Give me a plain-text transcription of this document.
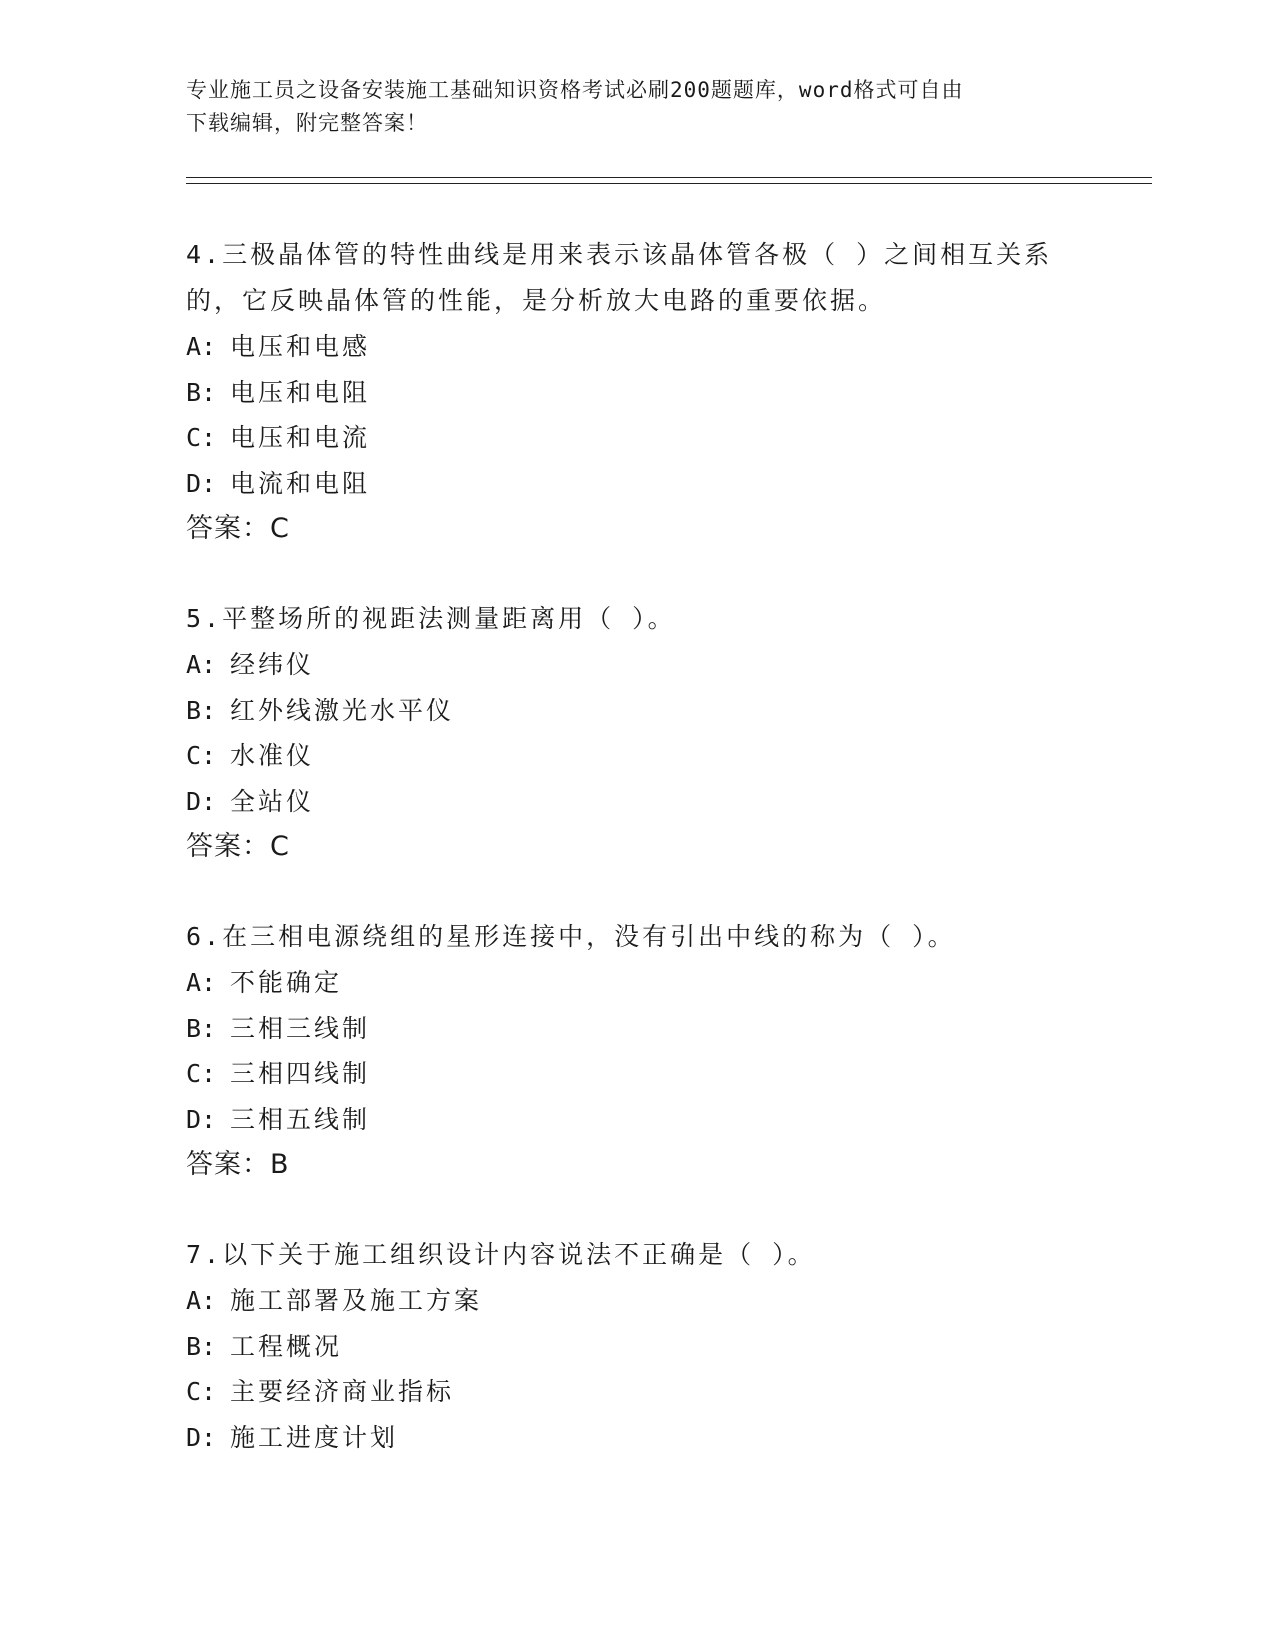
专业施工员之设备安装施工基础知识资格考试必刷200题题库，word格式可自由
下载编辑，附完整答案！

4.三极晶体管的特性曲线是用来表示该晶体管各极（ ）之间相互关系

的，它反映晶体管的性能，是分析放大电路的重要依据。

A: 电压和电感

B: 电压和电阻

C: 电压和电流

D: 电流和电阻

答案：C

5.平整场所的视距法测量距离用（ ）。

A: 经纬仪

B: 红外线激光水平仪

C: 水准仪

D: 全站仪

答案：C

6.在三相电源绕组的星形连接中，没有引出中线的称为（ ）。

A: 不能确定

B: 三相三线制

C: 三相四线制

D: 三相五线制

答案：B

7.以下关于施工组织设计内容说法不正确是（ ）。

A: 施工部署及施工方案

B: 工程概况

C: 主要经济商业指标

D: 施工进度计划
